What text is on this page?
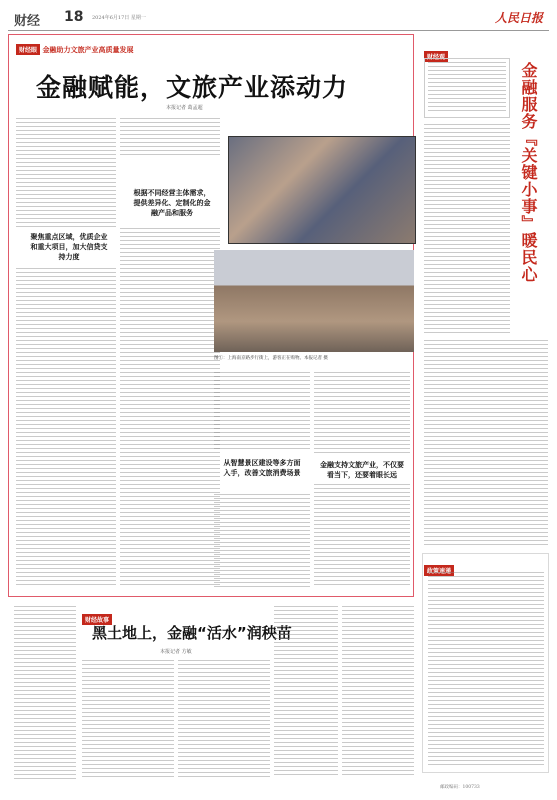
财经 18 2024年6月17日 星期一	人民日报
财经眼 金融助力文旅产业高质量发展
金融赋能，文旅产业添动力
本报记者 葛孟超
聚焦重点区域，优质企业和重大项目，加大信贷支持力度
根据不同经营主体需求，提供差异化、定制化的金融产品和服务
图①：上海南京路步行街上，游客正在购物。本报记者 摄
从智慧景区建设等多方面入手，改善文旅消费场景
金融支持文旅产业，不仅要看当下，还要着眼长远
财经观
金融服务『关键小事』暖民心
政策速递
财经故事
黑土地上，金融“活水”润秧苗
本报记者 方敏
邮政编码：100733
